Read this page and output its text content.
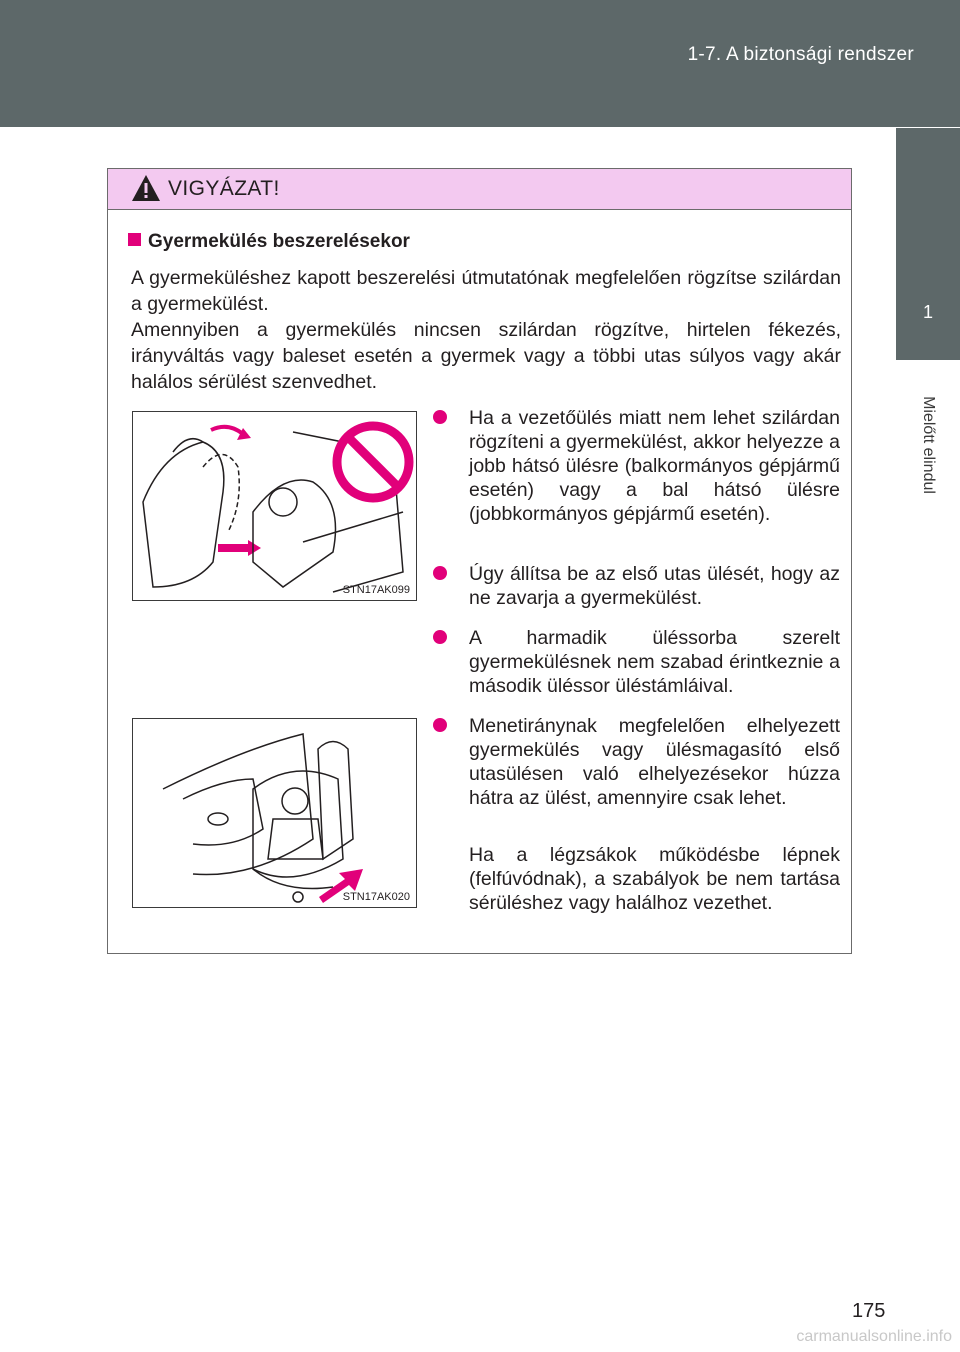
1-7. A biztonsági rendszer
1
Mielőtt elindul
VIGYÁZAT!
Gyermekülés beszerelésekor
A gyermeküléshez kapott beszerelési útmutatónak megfelelően rögzítse szilárdan a gyermekülést.
Amennyiben a gyermekülés nincsen szilárdan rögzítve, hirtelen fékezés, irányváltás vagy baleset esetén a gyermek vagy a többi utas súlyos vagy akár halálos sérülést szenvedhet.
STN17AK099
STN17AK020
Ha a vezetőülés miatt nem lehet szilárdan rögzíteni a gyermekülést, akkor helyezze a jobb hátsó ülésre (balkormányos gépjármű esetén) vagy a bal hátsó ülésre (jobbkormányos gépjármű esetén).
Úgy állítsa be az első utas ülését, hogy az ne zavarja a gyermekülést.
A harmadik üléssorba szerelt gyermekülésnek nem szabad érintkeznie a második üléssor üléstámláival.
Menetiránynak megfelelően elhelyezett gyermekülés vagy ülésmagasító első utasülésen való elhelyezésekor húzza hátra az ülést, amennyire csak lehet.
Ha a légzsákok működésbe lépnek (felfúvódnak), a szabályok be nem tartása sérüléshez vagy halálhoz vezethet.
175
carmanualsonline.info
